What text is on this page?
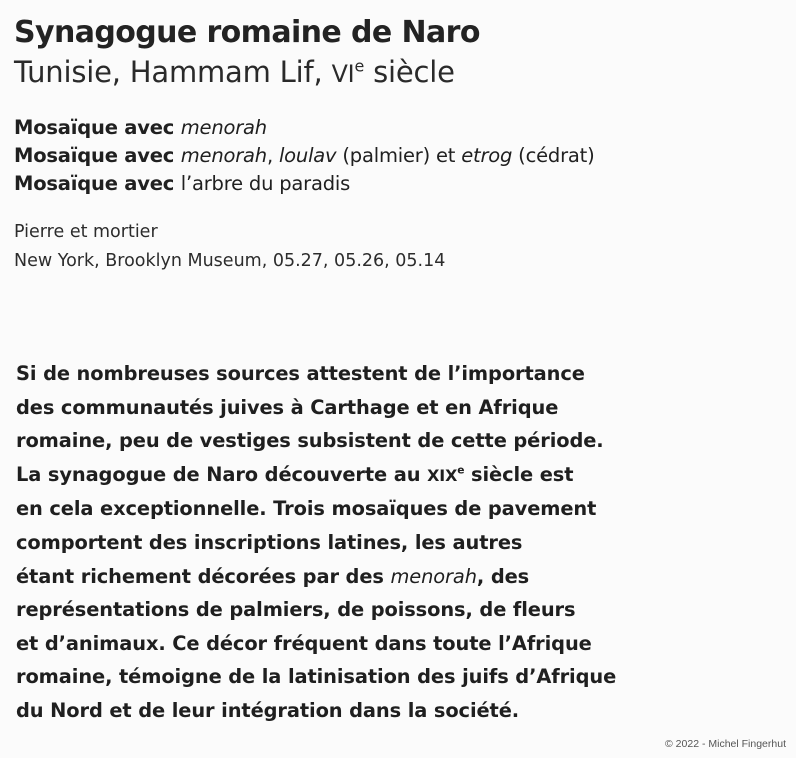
Synagogue romaine de Naro
Tunisie, Hammam Lif, VIe siècle
Mosaïque avec menorah
Mosaïque avec menorah, loulav (palmier) et etrog (cédrat)
Mosaïque avec l’arbre du paradis
Pierre et mortier
New York, Brooklyn Museum, 05.27, 05.26, 05.14
Si de nombreuses sources attestent de l’importance
des communautés juives à Carthage et en Afrique
romaine, peu de vestiges subsistent de cette période.
La synagogue de Naro découverte au XIXe siècle est
en cela exceptionnelle. Trois mosaïques de pavement
comportent des inscriptions latines, les autres
étant richement décorées par des menorah, des
représentations de palmiers, de poissons, de fleurs
et d’animaux. Ce décor fréquent dans toute l’Afrique
romaine, témoigne de la latinisation des juifs d’Afrique
du Nord et de leur intégration dans la société.
© 2022 - Michel Fingerhut
